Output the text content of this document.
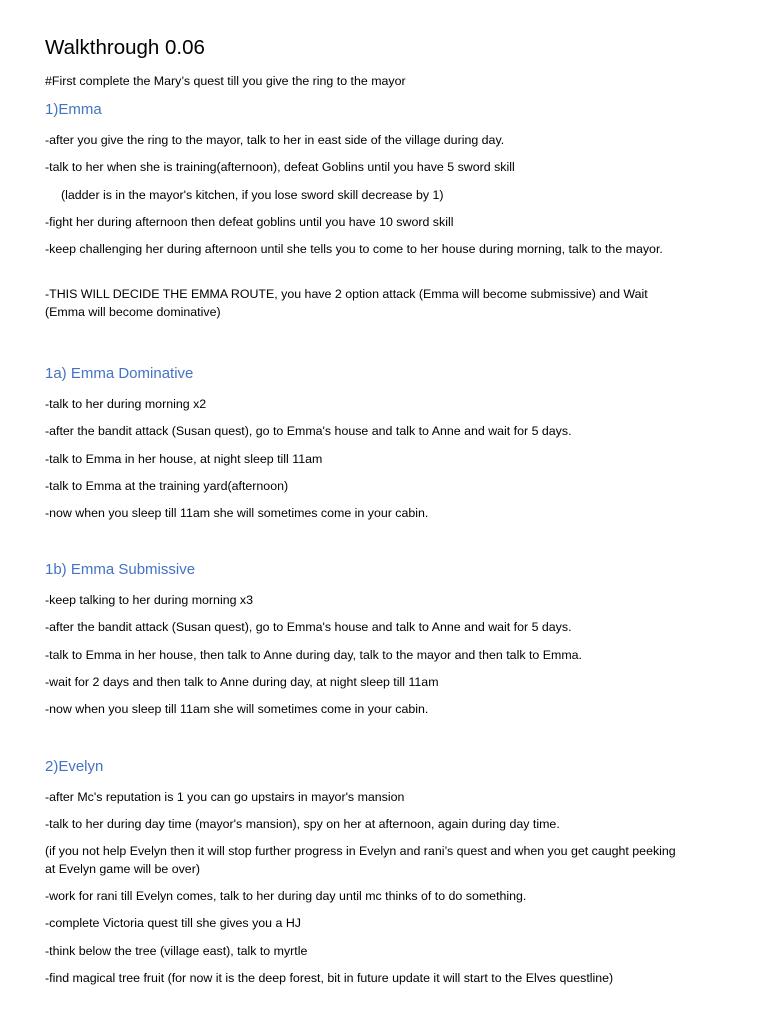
Walkthrough 0.06

#First complete the Mary’s quest till you give the ring to the mayor

1)Emma

-after you give the ring to the mayor, talk to her in east side of the village during day.

-talk to her when she is training(afternoon), defeat Goblins until you have 5 sword skill

(ladder is in the mayor's kitchen, if you lose sword skill decrease by 1)

-fight her during afternoon then defeat goblins until you have 10 sword skill

-keep challenging her during afternoon until she tells you to come to her house during morning, talk to the mayor.

-THIS WILL DECIDE THE EMMA ROUTE, you have 2 option attack (Emma will become submissive) and Wait (Emma will become dominative)

1a) Emma Dominative

-talk to her during morning x2

-after the bandit attack (Susan quest), go to Emma's house and talk to Anne and wait for 5 days.

-talk to Emma in her house, at night sleep till 11am

-talk to Emma at the training yard(afternoon)

-now when you sleep till 11am she will sometimes come in your cabin.

1b) Emma Submissive

-keep talking to her during morning x3

-after the bandit attack (Susan quest), go to Emma's house and talk to Anne and wait for 5 days.

-talk to Emma in her house, then talk to Anne during day, talk to the mayor and then talk to Emma.

-wait for 2 days and then talk to Anne during day, at night sleep till 11am

-now when you sleep till 11am she will sometimes come in your cabin.

2)Evelyn

-after Mc's reputation is 1 you can go upstairs in mayor's mansion

-talk to her during day time (mayor's mansion), spy on her at afternoon, again during day time.

(if you not help Evelyn then it will stop further progress in Evelyn and rani’s quest and when you get caught peeking at Evelyn game will be over)

-work for rani till Evelyn comes, talk to her during day until mc thinks of to do something.

-complete Victoria quest till she gives you a HJ

-think below the tree (village east), talk to myrtle

-find magical tree fruit (for now it is the deep forest, bit in future update it will start to the Elves questline)
